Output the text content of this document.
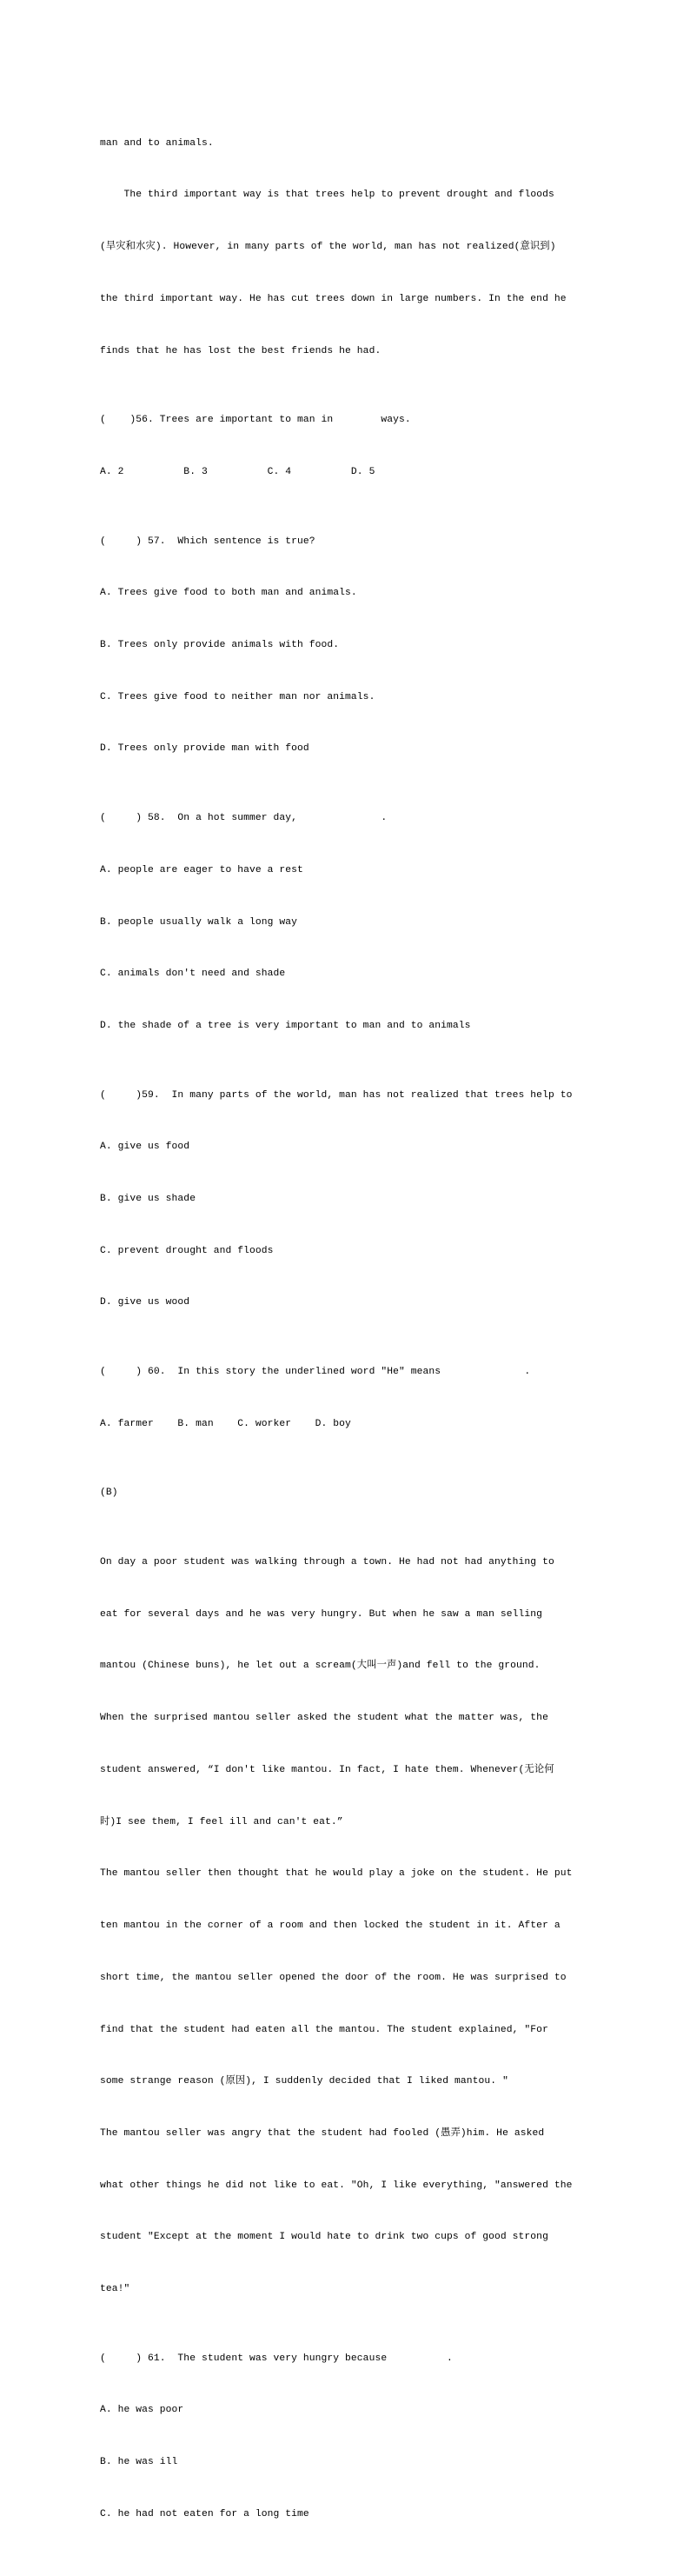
man and to animals.

The third important way is that trees help to prevent drought and floods

(旱灾和水灾). However, in many parts of the world, man has not realized(意识到)

the third important way. He has cut trees down in large numbers. In the end he

finds that he has lost the best friends he had.

(    )56. Trees are important to man in        ways.

A. 2          B. 3          C. 4          D. 5

(     ) 57.  Which sentence is true?

A. Trees give food to both man and animals.

B. Trees only provide animals with food.

C. Trees give food to neither man nor animals.

D. Trees only provide man with food

(     ) 58.  On a hot summer day,              .

A. people are eager to have a rest

B. people usually walk a long way

C. animals don't need and shade

D. the shade of a tree is very important to man and to animals

(     )59.  In many parts of the world, man has not realized that trees help to

A. give us food

B. give us shade

C. prevent drought and floods

D. give us wood

(     ) 60.  In this story the underlined word ″He″ means              .

A. farmer    B. man    C. worker    D. boy

(B)

On day a poor student was walking through a town. He had not had anything to

eat for several days and he was very hungry. But when he saw a man selling

mantou (Chinese buns), he let out a scream(大叫一声)and fell to the ground.

When the surprised mantou seller asked the student what the matter was, the

student answered, “I don't like mantou. In fact, I hate them. Whenever(无论何

时)I see them, I feel ill and can't eat.”

The mantou seller then thought that he would play a joke on the student. He put

ten mantou in the corner of a room and then locked the student in it. After a

short time, the mantou seller opened the door of the room. He was surprised to

find that the student had eaten all the mantou. The student explained, ″For

some strange reason (原因), I suddenly decided that I liked mantou. ″

The mantou seller was angry that the student had fooled (愚弄)him. He asked

what other things he did not like to eat. ″Oh, I like everything, ″answered the

student ″Except at the moment I would hate to drink two cups of good strong

tea!″

(     ) 61.  The student was very hungry because          .

A. he was poor

B. he was ill

C. he had not eaten for a long time
